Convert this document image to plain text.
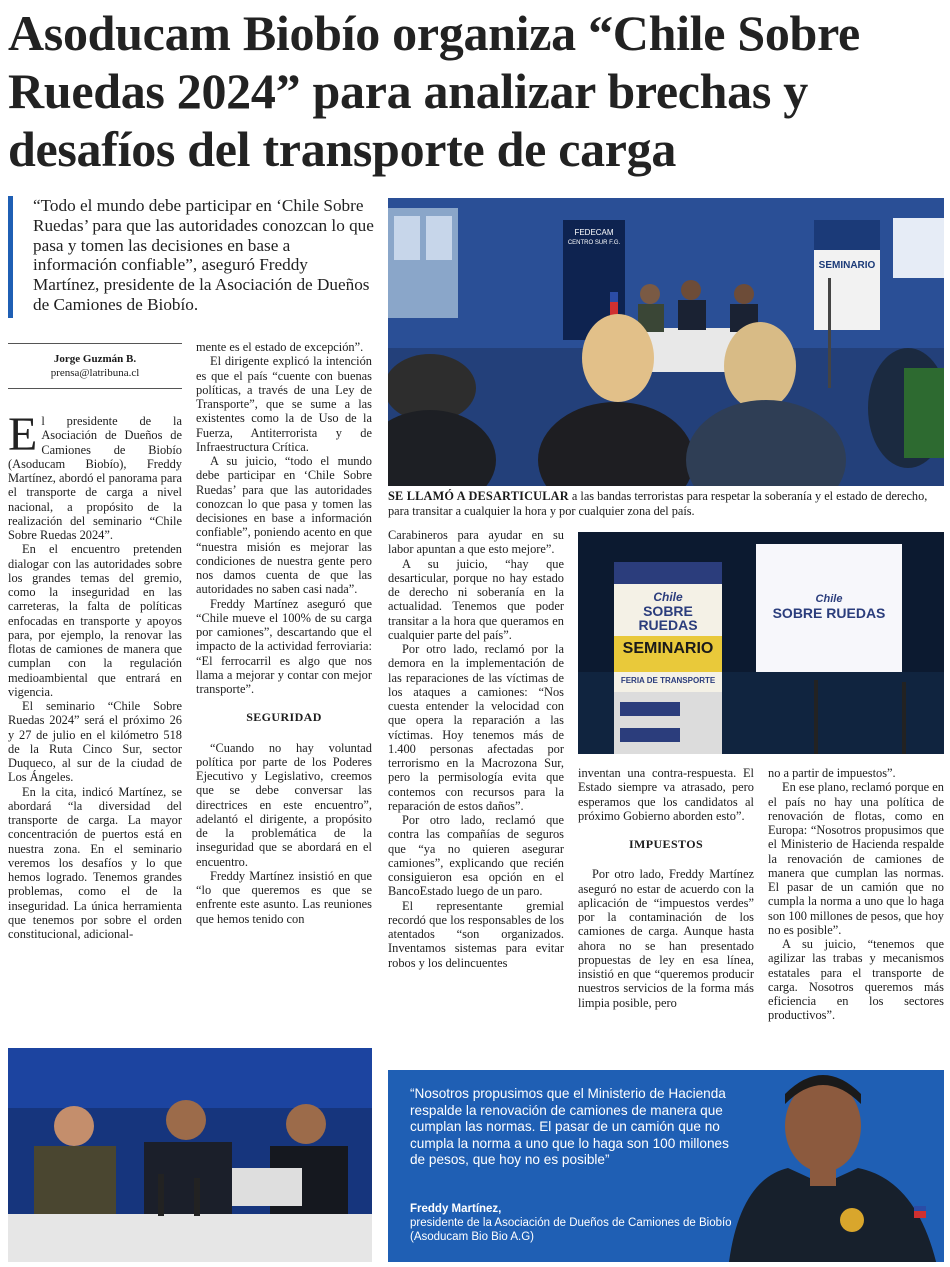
Asoducam Biobío organiza “Chile Sobre Ruedas 2024” para analizar brechas y desafíos del transporte de carga

“Todo el mundo debe participar en ‘Chile Sobre Ruedas’ para que las autoridades conozcan lo que pasa y tomen las decisiones en base a información confiable”, aseguró Freddy Martínez, presidente de la Asociación de Dueños de Camiones de Biobío.

Jorge Guzmán B.
prensa@latribuna.cl

El presidente de la Asociación de Dueños de Camiones de Biobío (Asoducam Biobío), Freddy Martínez, abordó el panorama para el transporte de carga a nivel nacional, a propósito de la realización del seminario “Chile Sobre Ruedas 2024”.

En el encuentro pretenden dialogar con las autoridades sobre los grandes temas del gremio, como la inseguridad en las carreteras, la falta de políticas enfocadas en transporte y apoyos para, por ejemplo, la renovar las flotas de camiones de manera que cumplan con la regulación medioambiental que entrará en vigencia.

El seminario “Chile Sobre Ruedas 2024” será el próximo 26 y 27 de julio en el kilómetro 518 de la Ruta Cinco Sur, sector Duqueco, al sur de la ciudad de Los Ángeles.

En la cita, indicó Martínez, se abordará “la diversidad del transporte de carga. La mayor concentración de puertos está en nuestra zona. En el seminario veremos los desafíos y lo que hemos logrado. Tenemos grandes problemas, como el de la inseguridad. La única herramienta que tenemos por sobre el orden constitucional, adicional-

mente es el estado de excepción”.

El dirigente explicó la intención es que el país “cuente con buenas políticas, a través de una Ley de Transporte”, que se sume a las existentes como la de Uso de la Fuerza, Antiterrorista y de Infraestructura Crítica.

A su juicio, “todo el mundo debe participar en ‘Chile Sobre Ruedas’ para que las autoridades conozcan lo que pasa y tomen las decisiones en base a información confiable”, poniendo acento en que “nuestra misión es mejorar las condiciones de nuestra gente pero nos damos cuenta de que las autoridades no saben casi nada”.

Freddy Martínez aseguró que “Chile mueve el 100% de su carga por camiones”, descartando que el impacto de la actividad ferroviaria: “El ferrocarril es algo que nos llama a mejorar y contar con mejor transporte”.

SEGURIDAD

“Cuando no hay voluntad política por parte de los Poderes Ejecutivo y Legislativo, creemos que se debe conversar las directrices en este encuentro”, adelantó el dirigente, a propósito de la problemática de la inseguridad que se abordará en el encuentro.

Freddy Martínez insistió en que “lo que queremos es que se enfrente este asunto. Las reuniones que hemos tenido con

FEDECAM
CENTRO SUR F.G.
SEMINARIO
SE LLAMÓ A DESARTICULAR a las bandas terroristas para respetar la soberanía y el estado de derecho, para transitar a cualquier la hora y por cualquier zona del país.

Carabineros para ayudar en su labor apuntan a que esto mejore”.

A su juicio, “hay que desarticular, porque no hay estado de derecho ni soberanía en la actualidad. Tenemos que poder transitar a la hora que queramos en cualquier parte del país”.

Por otro lado, reclamó por la demora en la implementación de las reparaciones de las víctimas de los ataques a camiones: “Nos cuesta entender la velocidad con que opera la reparación a las víctimas. Hoy tenemos más de 1.400 personas afectadas por terrorismo en la Macrozona Sur, pero la permisología evita que contemos con recursos para la reparación de estos daños”.

Por otro lado, reclamó que contra las compañías de seguros que “ya no quieren asegurar camiones”, explicando que recién consiguieron esa opción en el BancoEstado luego de un paro.

El representante gremial recordó que los responsables de los atentados “son organizados. Inventamos sistemas para evitar robos y los delincuentes

Chile
SOBRE RUEDAS
SEMINARIO
FERIA DE TRANSPORTE
Chile
SOBRE RUEDAS

inventan una contra-respuesta. El Estado siempre va atrasado, pero esperamos que los candidatos al próximo Gobierno aborden esto”.

IMPUESTOS

Por otro lado, Freddy Martínez aseguró no estar de acuerdo con la aplicación de “impuestos verdes” por la contaminación de los camiones de carga. Aunque hasta ahora no se han presentado propuestas de ley en esa línea, insistió en que “queremos producir nuestros servicios de la forma más limpia posible, pero

no a partir de impuestos”.

En ese plano, reclamó porque en el país no hay una política de renovación de flotas, como en Europa: “Nosotros propusimos que el Ministerio de Hacienda respalde la renovación de camiones de manera que cumplan las normas. El pasar de un camión que no cumpla la norma a uno que lo haga son 100 millones de pesos, que hoy no es posible”.

A su juicio, “tenemos que agilizar las trabas y mecanismos estatales para el transporte de carga. Nosotros queremos más eficiencia en los sectores productivos”.

“Nosotros propusimos que el Ministerio de Hacienda respalde la renovación de camiones de manera que cumplan las normas. El pasar de un camión que no cumpla la norma a uno que lo haga son 100 millones de pesos, que hoy no es posible”

Freddy Martínez,
presidente de la Asociación de Dueños de Camiones de Biobío (Asoducam Bio Bio A.G)
